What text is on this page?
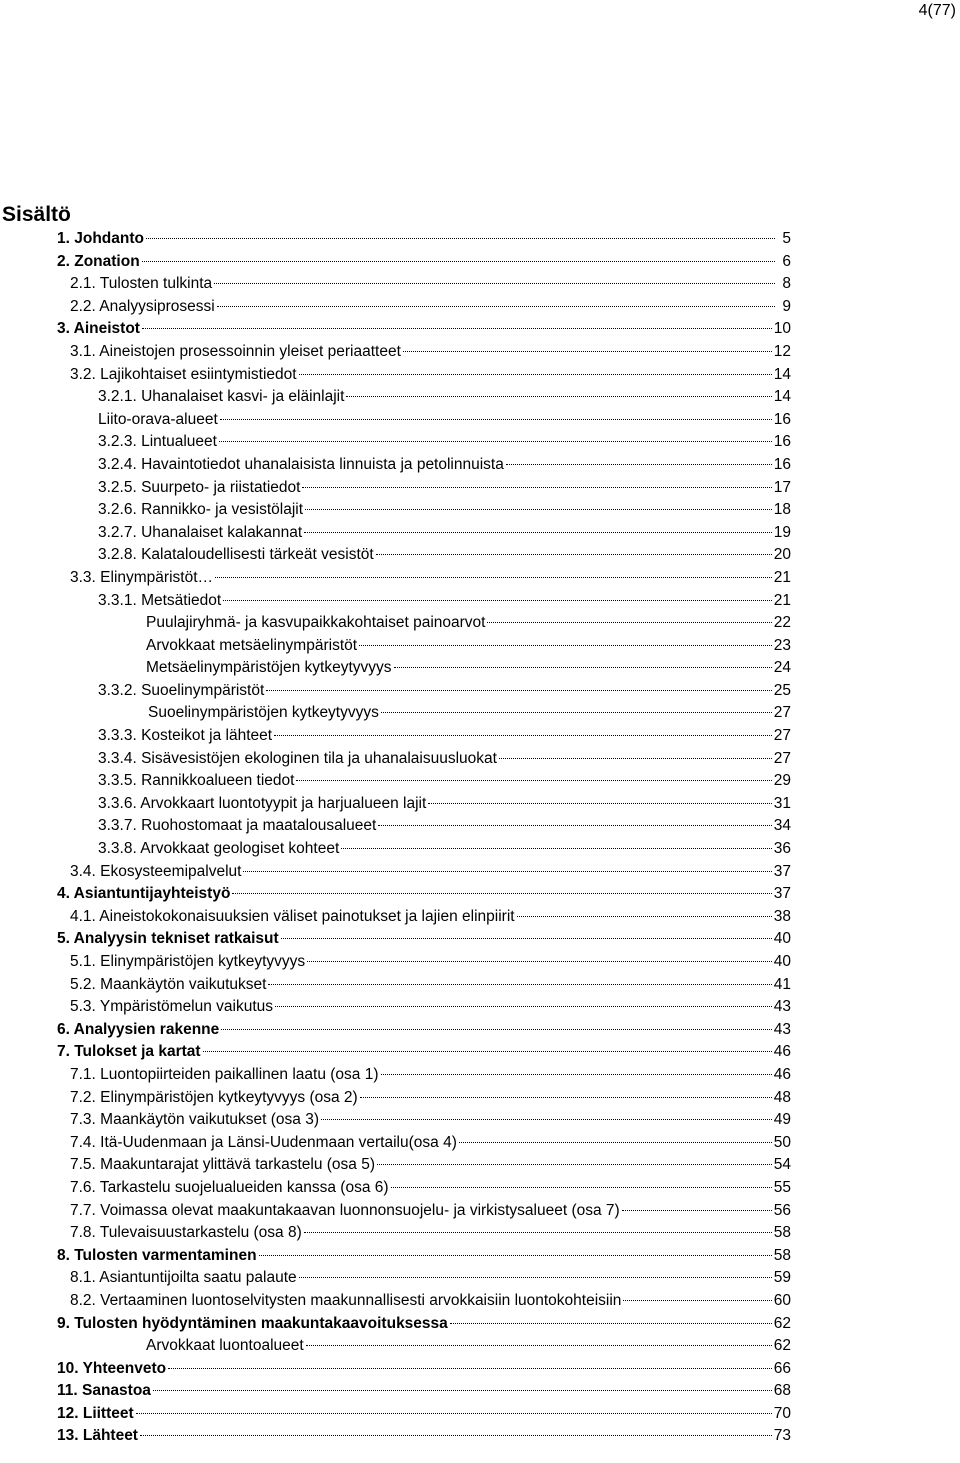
4(77)
Sisältö
1. Johdanto	5
2. Zonation	6
2.1. Tulosten tulkinta	8
2.2. Analyysiprosessi	9
3. Aineistot	10
3.1. Aineistojen prosessoinnin yleiset periaatteet	12
3.2. Lajikohtaiset esiintymistiedot	14
3.2.1. Uhanalaiset kasvi- ja eläinlajit	14
Liito-orava-alueet	16
3.2.3. Lintualueet	16
3.2.4. Havaintotiedot uhanalaisista linnuista ja petolinnuista	16
3.2.5. Suurpeto- ja riistatiedot	17
3.2.6. Rannikko- ja vesistölajit	18
3.2.7. Uhanalaiset kalakannat	19
3.2.8. Kalataloudellisesti tärkeät vesistöt	20
3.3. Elinympäristöt…	21
3.3.1. Metsätiedot	21
Puulajiryhmä- ja kasvupaikkakohtaiset painoarvot	22
Arvokkaat metsäelinympäristöt	23
Metsäelinympäristöjen kytkeytyvyys	24
3.3.2. Suoelinympäristöt	25
Suoelinympäristöjen kytkeytyvyys	27
3.3.3. Kosteikot ja lähteet	27
3.3.4. Sisävesistöjen ekologinen tila ja uhanalaisuusluokat	27
3.3.5. Rannikkoalueen tiedot	29
3.3.6. Arvokkaart luontotyypit ja harjualueen lajit	31
3.3.7. Ruohostomaat ja maatalousalueet	34
3.3.8. Arvokkaat geologiset kohteet	36
3.4. Ekosysteemipalvelut	37
4. Asiantuntijayhteistyö	37
4.1. Aineistokokonaisuuksien väliset painotukset ja lajien elinpiirit	38
5. Analyysin tekniset ratkaisut	40
5.1. Elinympäristöjen kytkeytyvyys	40
5.2. Maankäytön vaikutukset	41
5.3. Ympäristömelun vaikutus	43
6. Analyysien rakenne	43
7. Tulokset ja kartat	46
7.1. Luontopiirteiden paikallinen laatu (osa 1)	46
7.2. Elinympäristöjen kytkeytyvyys (osa 2)	48
7.3. Maankäytön vaikutukset (osa 3)	49
7.4. Itä-Uudenmaan ja Länsi-Uudenmaan vertailu(osa 4)	50
7.5. Maakuntarajat ylittävä tarkastelu (osa 5)	54
7.6. Tarkastelu suojelualueiden kanssa (osa 6)	55
7.7. Voimassa olevat maakuntakaavan luonnonsuojelu- ja virkistysalueet (osa 7)	56
7.8. Tulevaisuustarkastelu (osa 8)	58
8. Tulosten varmentaminen	58
8.1. Asiantuntijoilta saatu palaute	59
8.2. Vertaaminen luontoselvitysten maakunnallisesti arvokkaisiin luontokohteisiin	60
9. Tulosten hyödyntäminen maakuntakaavoituksessa	62
Arvokkaat luontoalueet	62
10. Yhteenveto	66
11. Sanastoa	68
12. Liitteet	70
13. Lähteet	73
